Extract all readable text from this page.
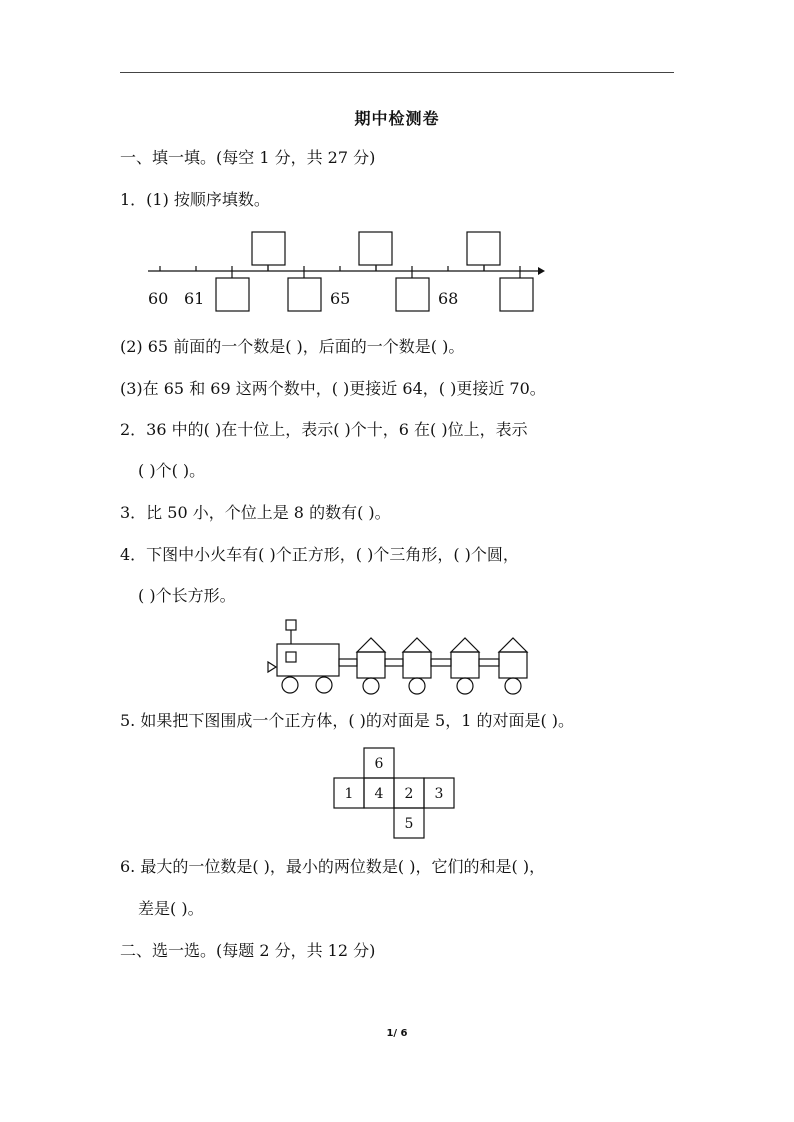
期中检测卷
一、填一填。(每空 1 分，共 27 分)
1．(1) 按顺序填数。
60 61	65	68
(2) 65 前面的一个数是( )，后面的一个数是( )。
(3)在 65 和 69 这两个数中，( )更接近 64，( )更接近 70。
2．36 中的( )在十位上，表示( )个十，6 在( )位上，表示
( )个( )。
3．比 50 小，个位上是 8 的数有( )。
4．下图中小火车有( )个正方形，( )个三角形，( )个圆，
( )个长方形。
5. 如果把下图围成一个正方体，( )的对面是 5，1 的对面是( )。
6
1 4 2 3
5
6. 最大的一位数是( )，最小的两位数是( )，它们的和是( )，
差是( )。
二、选一选。(每题 2 分，共 12 分)
1/ 6
